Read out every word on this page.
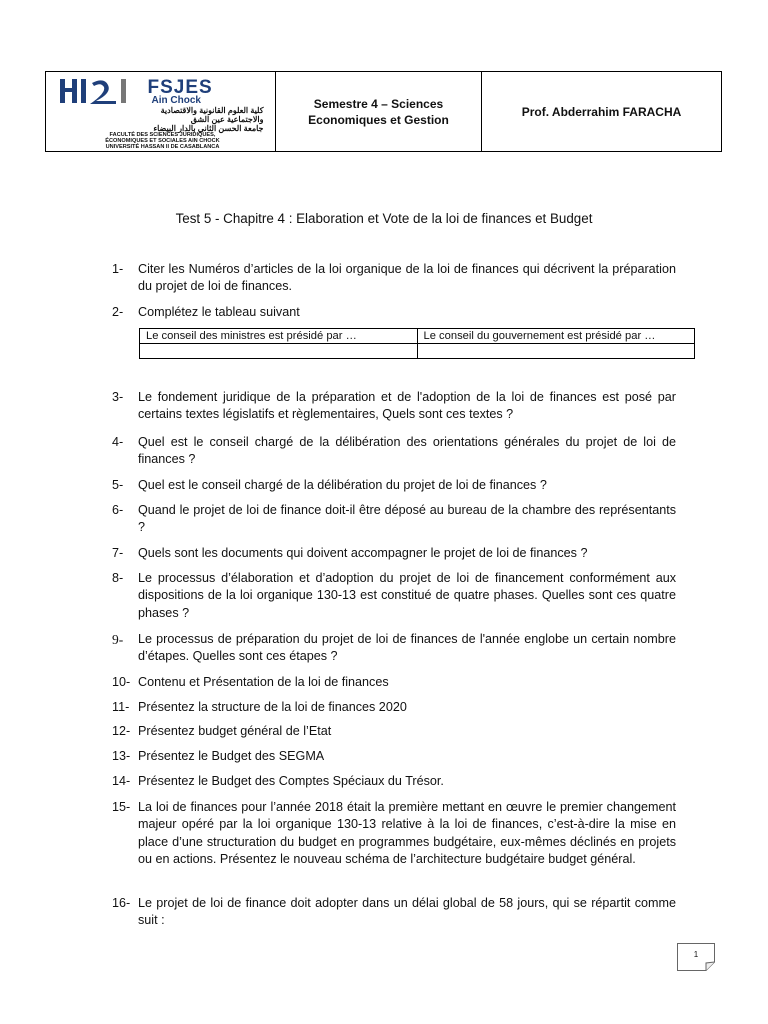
FSJES
Ain Chock
كلية العلوم القانونية والاقتصادية
والاجتماعية عين الشق
جامعة الحسن الثاني بالدار البيضاء
FACULTÉ DES SCIENCES JURIDIQUES,
ÉCONOMIQUES ET SOCIALES AIN CHOCK
UNIVERSITÉ HASSAN II DE CASABLANCA
Semestre 4 – Sciences
Economiques et Gestion
Prof. Abderrahim FARACHA
Test 5 - Chapitre 4 : Elaboration et Vote de la loi de finances et Budget
1- Citer les Numéros d’articles de la loi organique de la loi de finances qui décrivent la préparation du projet de loi de finances.
2- Complétez le tableau suivant
Le conseil des ministres est présidé par …	Le conseil du gouvernement est présidé par …

3- Le fondement juridique de la préparation et de l'adoption de la loi de finances est posé par certains textes législatifs et règlementaires, Quels sont ces textes ?
4- Quel est le conseil chargé de la délibération des orientations générales du projet de loi de finances ?
5- Quel est le conseil chargé de la délibération du projet de loi de finances ?
6- Quand le projet de loi de finance doit-il être déposé au bureau de la chambre des représentants ?
7- Quels sont les documents qui doivent accompagner le projet de loi de finances ?
8- Le processus d’élaboration et d’adoption du projet de loi de financement conformément aux dispositions de la loi organique 130-13 est constitué de quatre phases. Quelles sont ces quatre phases ?
9- Le processus de préparation du projet de loi de finances de l'année englobe un certain nombre d’étapes. Quelles sont ces étapes ?
10- Contenu et Présentation de la loi de finances
11- Présentez la structure de la loi de finances 2020
12- Présentez budget général de l’Etat
13- Présentez le Budget des SEGMA
14- Présentez le Budget des Comptes Spéciaux du Trésor.
15- La loi de finances pour l’année 2018 était la première mettant en œuvre le premier changement majeur opéré par la loi organique 130-13 relative à la loi de finances, c’est-à-dire la mise en place d’une structuration du budget en programmes budgétaire, eux-mêmes déclinés en projets ou en actions. Présentez le nouveau schéma de l’architecture budgétaire budget général.
16- Le projet de loi de finance doit adopter dans un délai global de 58 jours, qui se répartit comme suit :
1
